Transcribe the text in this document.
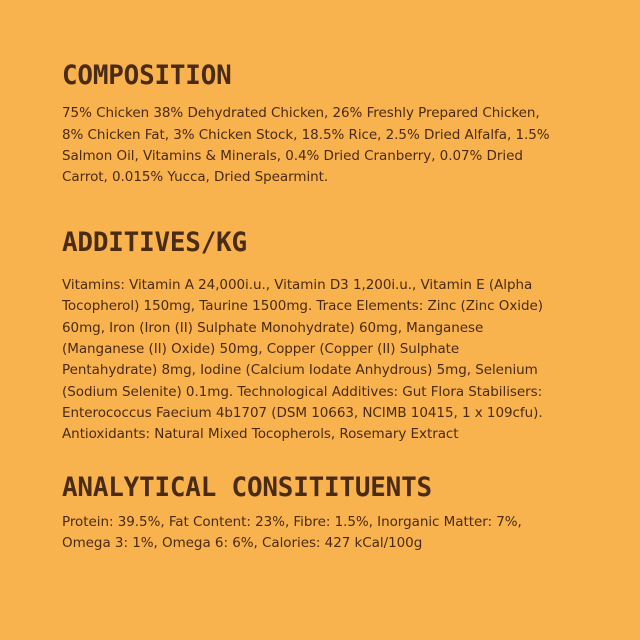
COMPOSITION

75% Chicken 38% Dehydrated Chicken, 26% Freshly Prepared Chicken, 8% Chicken Fat, 3% Chicken Stock, 18.5% Rice, 2.5% Dried Alfalfa, 1.5% Salmon Oil, Vitamins & Minerals, 0.4% Dried Cranberry, 0.07% Dried Carrot, 0.015% Yucca, Dried Spearmint.

ADDITIVES/KG

Vitamins: Vitamin A 24,000i.u., Vitamin D3 1,200i.u., Vitamin E (Alpha Tocopherol) 150mg, Taurine 1500mg. Trace Elements: Zinc (Zinc Oxide) 60mg, Iron (Iron (II) Sulphate Monohydrate) 60mg, Manganese (Manganese (II) Oxide) 50mg, Copper (Copper (II) Sulphate Pentahydrate) 8mg, Iodine (Calcium Iodate Anhydrous) 5mg, Selenium (Sodium Selenite) 0.1mg. Technological Additives: Gut Flora Stabilisers: Enterococcus Faecium 4b1707 (DSM 10663, NCIMB 10415, 1 x 109cfu). Antioxidants: Natural Mixed Tocopherols, Rosemary Extract

ANALYTICAL CONSITITUENTS

Protein: 39.5%, Fat Content: 23%, Fibre: 1.5%, Inorganic Matter: 7%, Omega 3: 1%, Omega 6: 6%, Calories: 427 kCal/100g
